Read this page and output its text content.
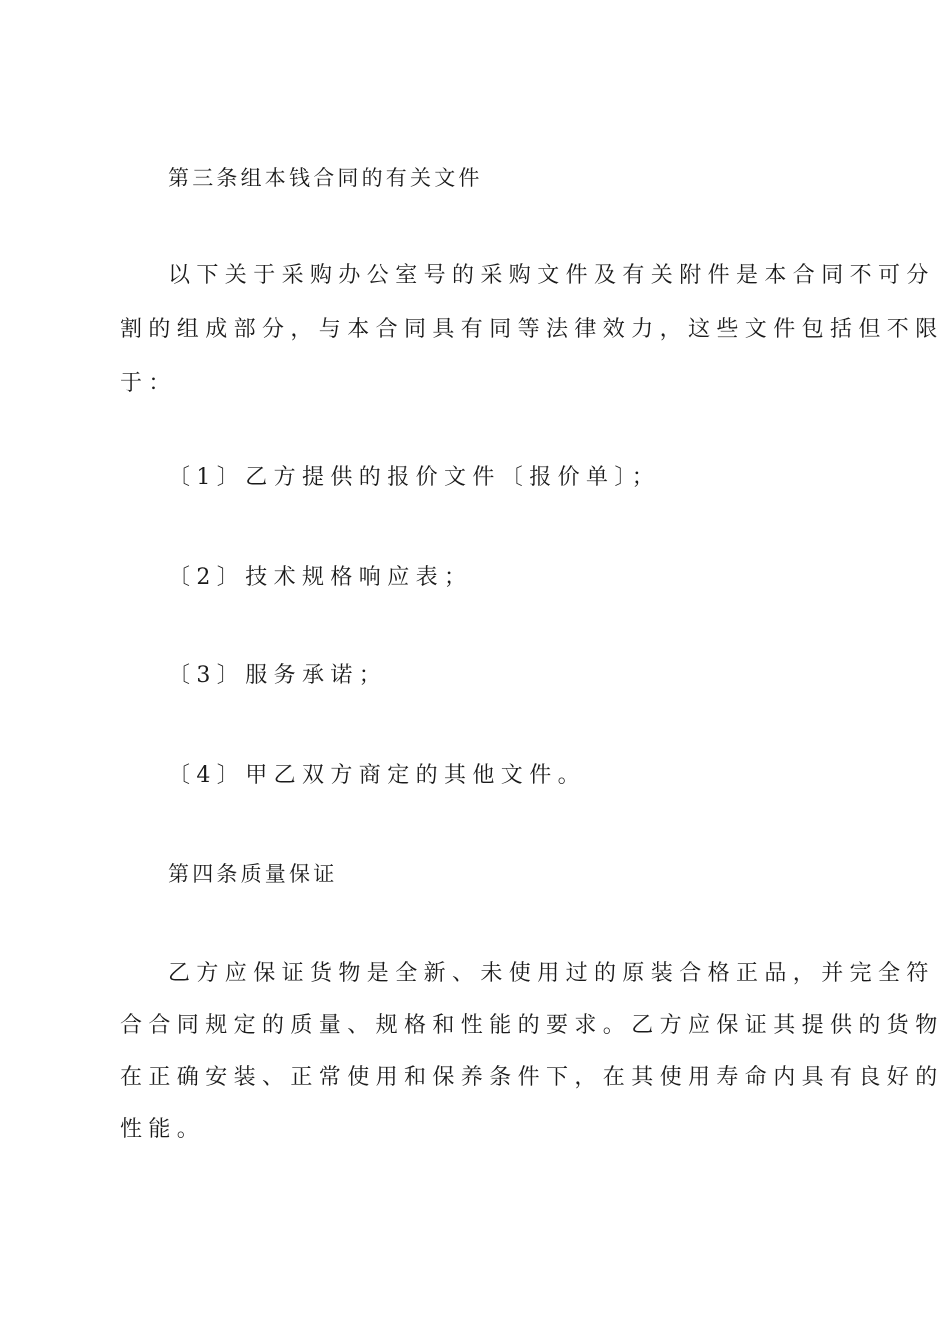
第三条组本钱合同的有关文件
以下关于采购办公室号的采购文件及有关附件是本合同不可分
割的组成部分，与本合同具有同等法律效力，这些文件包括但不限
于：
〔1〕乙方提供的报价文件〔报价单〕；
〔2〕技术规格响应表；
〔3〕服务承诺；
〔4〕甲乙双方商定的其他文件。
第四条质量保证
乙方应保证货物是全新、未使用过的原装合格正品，并完全符
合合同规定的质量、规格和性能的要求。乙方应保证其提供的货物
在正确安装、正常使用和保养条件下，在其使用寿命内具有良好的
性能。
